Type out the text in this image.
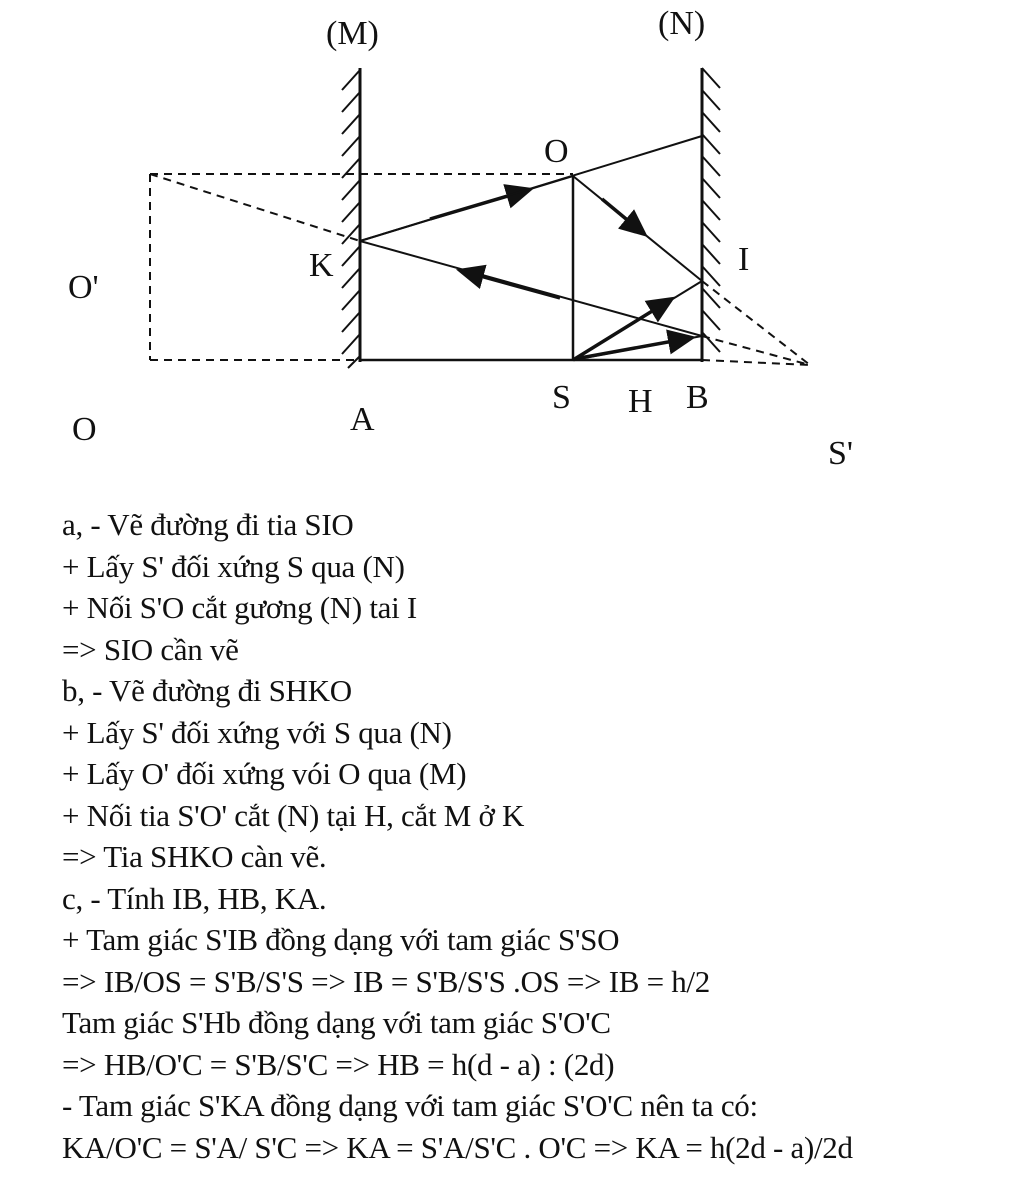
(M)	(N)
O
O'
K	I
A
S H B
O
S'
a, - Vẽ đường đi tia SIO
+ Lấy S' đối xứng S qua (N)
+ Nối S'O cắt gương (N) tai I
=> SIO cần vẽ
b, - Vẽ đường đi SHKO
+ Lấy S' đối xứng với S qua (N)
+ Lấy O' đối xứng vói O qua (M)
+ Nối tia S'O' cắt (N) tại H, cắt M ở K
=> Tia SHKO càn vẽ.
c, - Tính IB, HB, KA.
+ Tam giác S'IB đồng dạng với tam giác S'SO
=> IB/OS = S'B/S'S => IB = S'B/S'S .OS => IB = h/2
Tam giác S'Hb đồng dạng với tam giác S'O'C
=> HB/O'C = S'B/S'C => HB = h(d - a) : (2d)
- Tam giác S'KA đồng dạng với tam giác S'O'C nên ta có:
KA/O'C = S'A/ S'C => KA = S'A/S'C . O'C => KA = h(2d - a)/2d
